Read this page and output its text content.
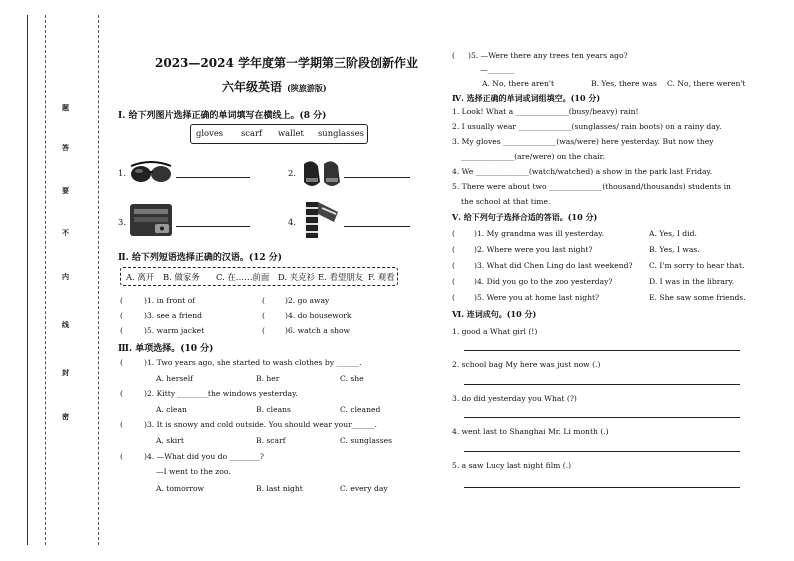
题
答
要
不
内
线
封
密
2023—2024 学年度第一学期第三阶段创新作业
六年级英语 (陕旅游版)
Ⅰ. 给下列图片选择正确的单词填写在横线上。(8 分)
gloves scarf wallet sunglasses
1.	2.
3.	4.
Ⅱ. 给下列短语选择正确的汉语。(12 分)
A. 离开 B. 做家务 C. 在……前面 D. 夹克衫 E. 看望朋友 F. 观看
(	)1. in front of	(	)2. go away
(	)3. see a friend	(	)4. do housework
(	)5. warm jacket	(	)6. watch a show
Ⅲ. 单项选择。(10 分)
(	)1. Two years ago, she started to wash clothes by ______.
A. herself	B. her	C. she
(	)2. Kitty ________the windows yesterday.
A. clean	B. cleans	C. cleaned
(	)3. It is snowy and cold outside. You should wear your______.
A. skirt	B. scarf	C. sunglasses
(	)4. —What did you do ________?
—I went to the zoo.
A. tomorrow	B. last night	C. every day
( )5. —Were there any trees ten years ago?
—_______
A. No, there aren't	B. Yes, there was C. No, there weren't
Ⅳ. 选择正确的单词或词组填空。(10 分)
1. Look! What a ______________(busy/beavy) rain!
2. I usually wear ______________(sunglasses/ rain boots) on a rainy day.
3. My gloves ______________(was/were) here yesterday. But now they
______________(are/were) on the chair.
4. We ______________(watch/watched) a show in the park last Friday.
5. There were about two ______________(thousand/thousands) students in
the school at that time.
Ⅴ. 给下列句子选择合适的答语。(10 分)
(	)1. My grandma was ill yesterday.	A. Yes, I did.
(	)2. Where were you last night?	B. Yes, I was.
(	)3. What did Chen Ling do last weekend? C. I'm sorry to hear that.
(	)4. Did you go to the zoo yesterday?	D. I was in the library.
(	)5. Were you at home last night?	E. She saw some friends.
Ⅵ. 连词成句。(10 分)
1. good a What girl (!)
2. school bag My here was just now (.)
3. do did yesterday you What (?)
4. went last to Shanghai Mr. Li month (.)
5. a saw Lucy last night film (.)
